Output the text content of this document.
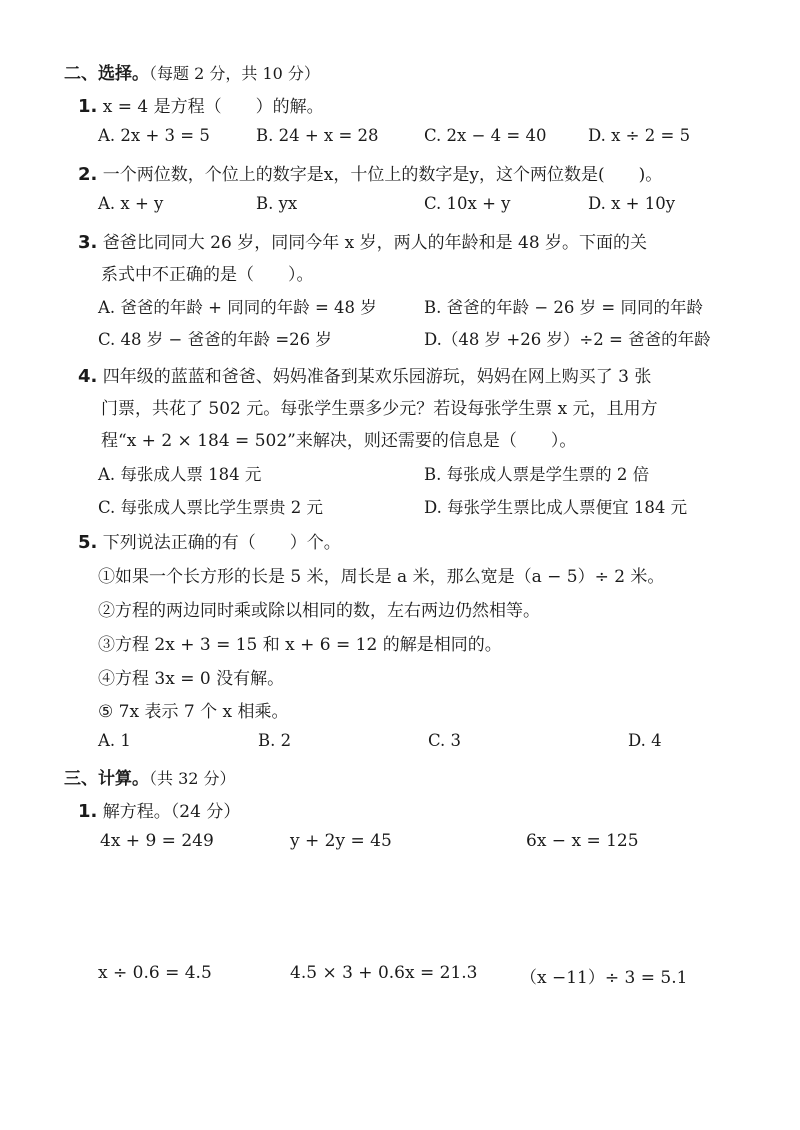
二、选择。（每题 2 分，共 10 分）
1. x = 4 是方程（　　）的解。
A. 2x + 3 = 5	B. 24 + x = 28	C. 2x − 4 = 40	D. x ÷ 2 = 5
2. 一个两位数，个位上的数字是x，十位上的数字是y，这个两位数是(　　)。
A. x + y	B. yx	C. 10x + y	D. x + 10y
3. 爸爸比同同大 26 岁，同同今年 x 岁，两人的年龄和是 48 岁。下面的关
系式中不正确的是（　　）。
A. 爸爸的年龄 + 同同的年龄 = 48 岁	B. 爸爸的年龄 − 26 岁 = 同同的年龄
C. 48 岁 − 爸爸的年龄 =26 岁	D.（48 岁 +26 岁）÷2 = 爸爸的年龄
4. 四年级的蓝蓝和爸爸、妈妈准备到某欢乐园游玩，妈妈在网上购买了 3 张
门票，共花了 502 元。每张学生票多少元？若设每张学生票 x 元，且用方
程“x + 2 × 184 = 502”来解决，则还需要的信息是（　　）。
A. 每张成人票 184 元	B. 每张成人票是学生票的 2 倍
C. 每张成人票比学生票贵 2 元	D. 每张学生票比成人票便宜 184 元
5. 下列说法正确的有（　　）个。
①如果一个长方形的长是 5 米，周长是 a 米，那么宽是（a − 5）÷ 2 米。
②方程的两边同时乘或除以相同的数，左右两边仍然相等。
③方程 2x + 3 = 15 和 x + 6 = 12 的解是相同的。
④方程 3x = 0 没有解。
⑤ 7x 表示 7 个 x 相乘。
A. 1	B. 2	C. 3	D. 4
三、计算。（共 32 分）
1. 解方程。（24 分）
4x + 9 = 249	y + 2y = 45	6x − x = 125
x ÷ 0.6 = 4.5	4.5 × 3 + 0.6x = 21.3	（x −11）÷ 3 = 5.1
